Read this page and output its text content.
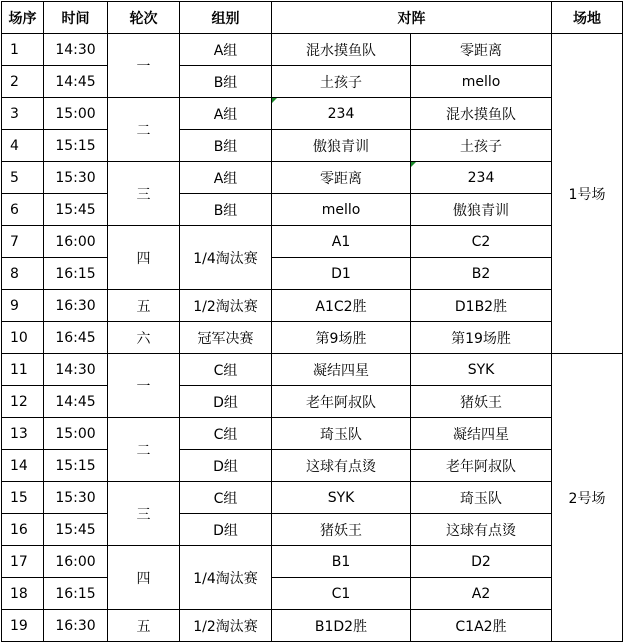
场序	时间	轮次	组别	对阵		场地
1	14:30	一	A组	混水摸鱼队	零距离	1号场
2	14:45		B组	土孩子	mello	
3	15:00	二	A组	234	混水摸鱼队	
4	15:15		B组	傲狼青训	土孩子	
5	15:30	三	A组	零距离	234	
6	15:45		B组	mello	傲狼青训	
7	16:00	四	1/4淘汰赛	A1	C2	
8	16:15			D1	B2	
9	16:30	五	1/2淘汰赛	A1C2胜	D1B2胜	
10	16:45	六	冠军决赛	第9场胜	第19场胜	
11	14:30	一	C组	凝结四星	SYK	2号场
12	14:45		D组	老年阿叔队	猪妖王	
13	15:00	二	C组	琦玉队	凝结四星	
14	15:15		D组	这球有点烫	老年阿叔队	
15	15:30	三	C组	SYK	琦玉队	
16	15:45		D组	猪妖王	这球有点烫	
17	16:00	四	1/4淘汰赛	B1	D2	
18	16:15			C1	A2	
19	16:30	五	1/2淘汰赛	B1D2胜	C1A2胜	
